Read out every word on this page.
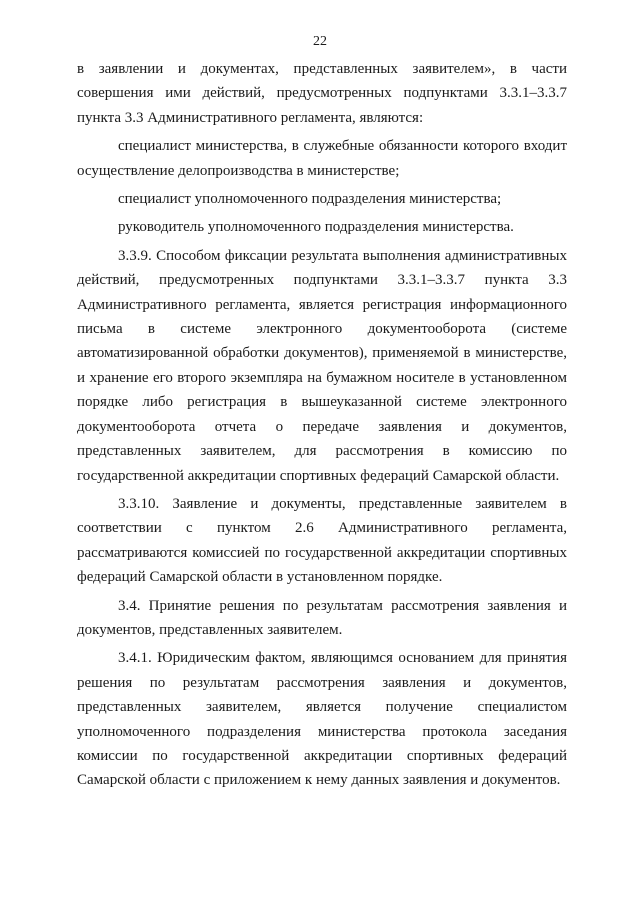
22

в заявлении и документах, представленных заявителем», в части совершения ими действий, предусмотренных подпунктами 3.3.1–3.3.7 пункта 3.3 Административного регламента, являются:

специалист министерства, в служебные обязанности которого входит осуществление делопроизводства в министерстве;

специалист уполномоченного подразделения министерства;

руководитель уполномоченного подразделения министерства.

3.3.9. Способом фиксации результата выполнения административных действий, предусмотренных подпунктами 3.3.1–3.3.7 пункта 3.3 Административного регламента, является регистрация информационного письма в системе электронного документооборота (системе автоматизированной обработки документов), применяемой в министерстве, и хранение его второго экземпляра на бумажном носителе в установленном порядке либо регистрация в вышеуказанной системе электронного документооборота отчета о передаче заявления и документов, представленных заявителем, для рассмотрения в комиссию по государственной аккредитации спортивных федераций Самарской области.

3.3.10. Заявление и документы, представленные заявителем в соответствии с пунктом 2.6 Административного регламента, рассматриваются комиссией по государственной аккредитации спортивных федераций Самарской области в установленном порядке.

3.4. Принятие решения по результатам рассмотрения заявления и документов, представленных заявителем.

3.4.1. Юридическим фактом, являющимся основанием для принятия решения по результатам рассмотрения заявления и документов, представленных заявителем, является получение специалистом уполномоченного подразделения министерства протокола заседания комиссии по государственной аккредитации спортивных федераций Самарской области с приложением к нему данных заявления и документов.
